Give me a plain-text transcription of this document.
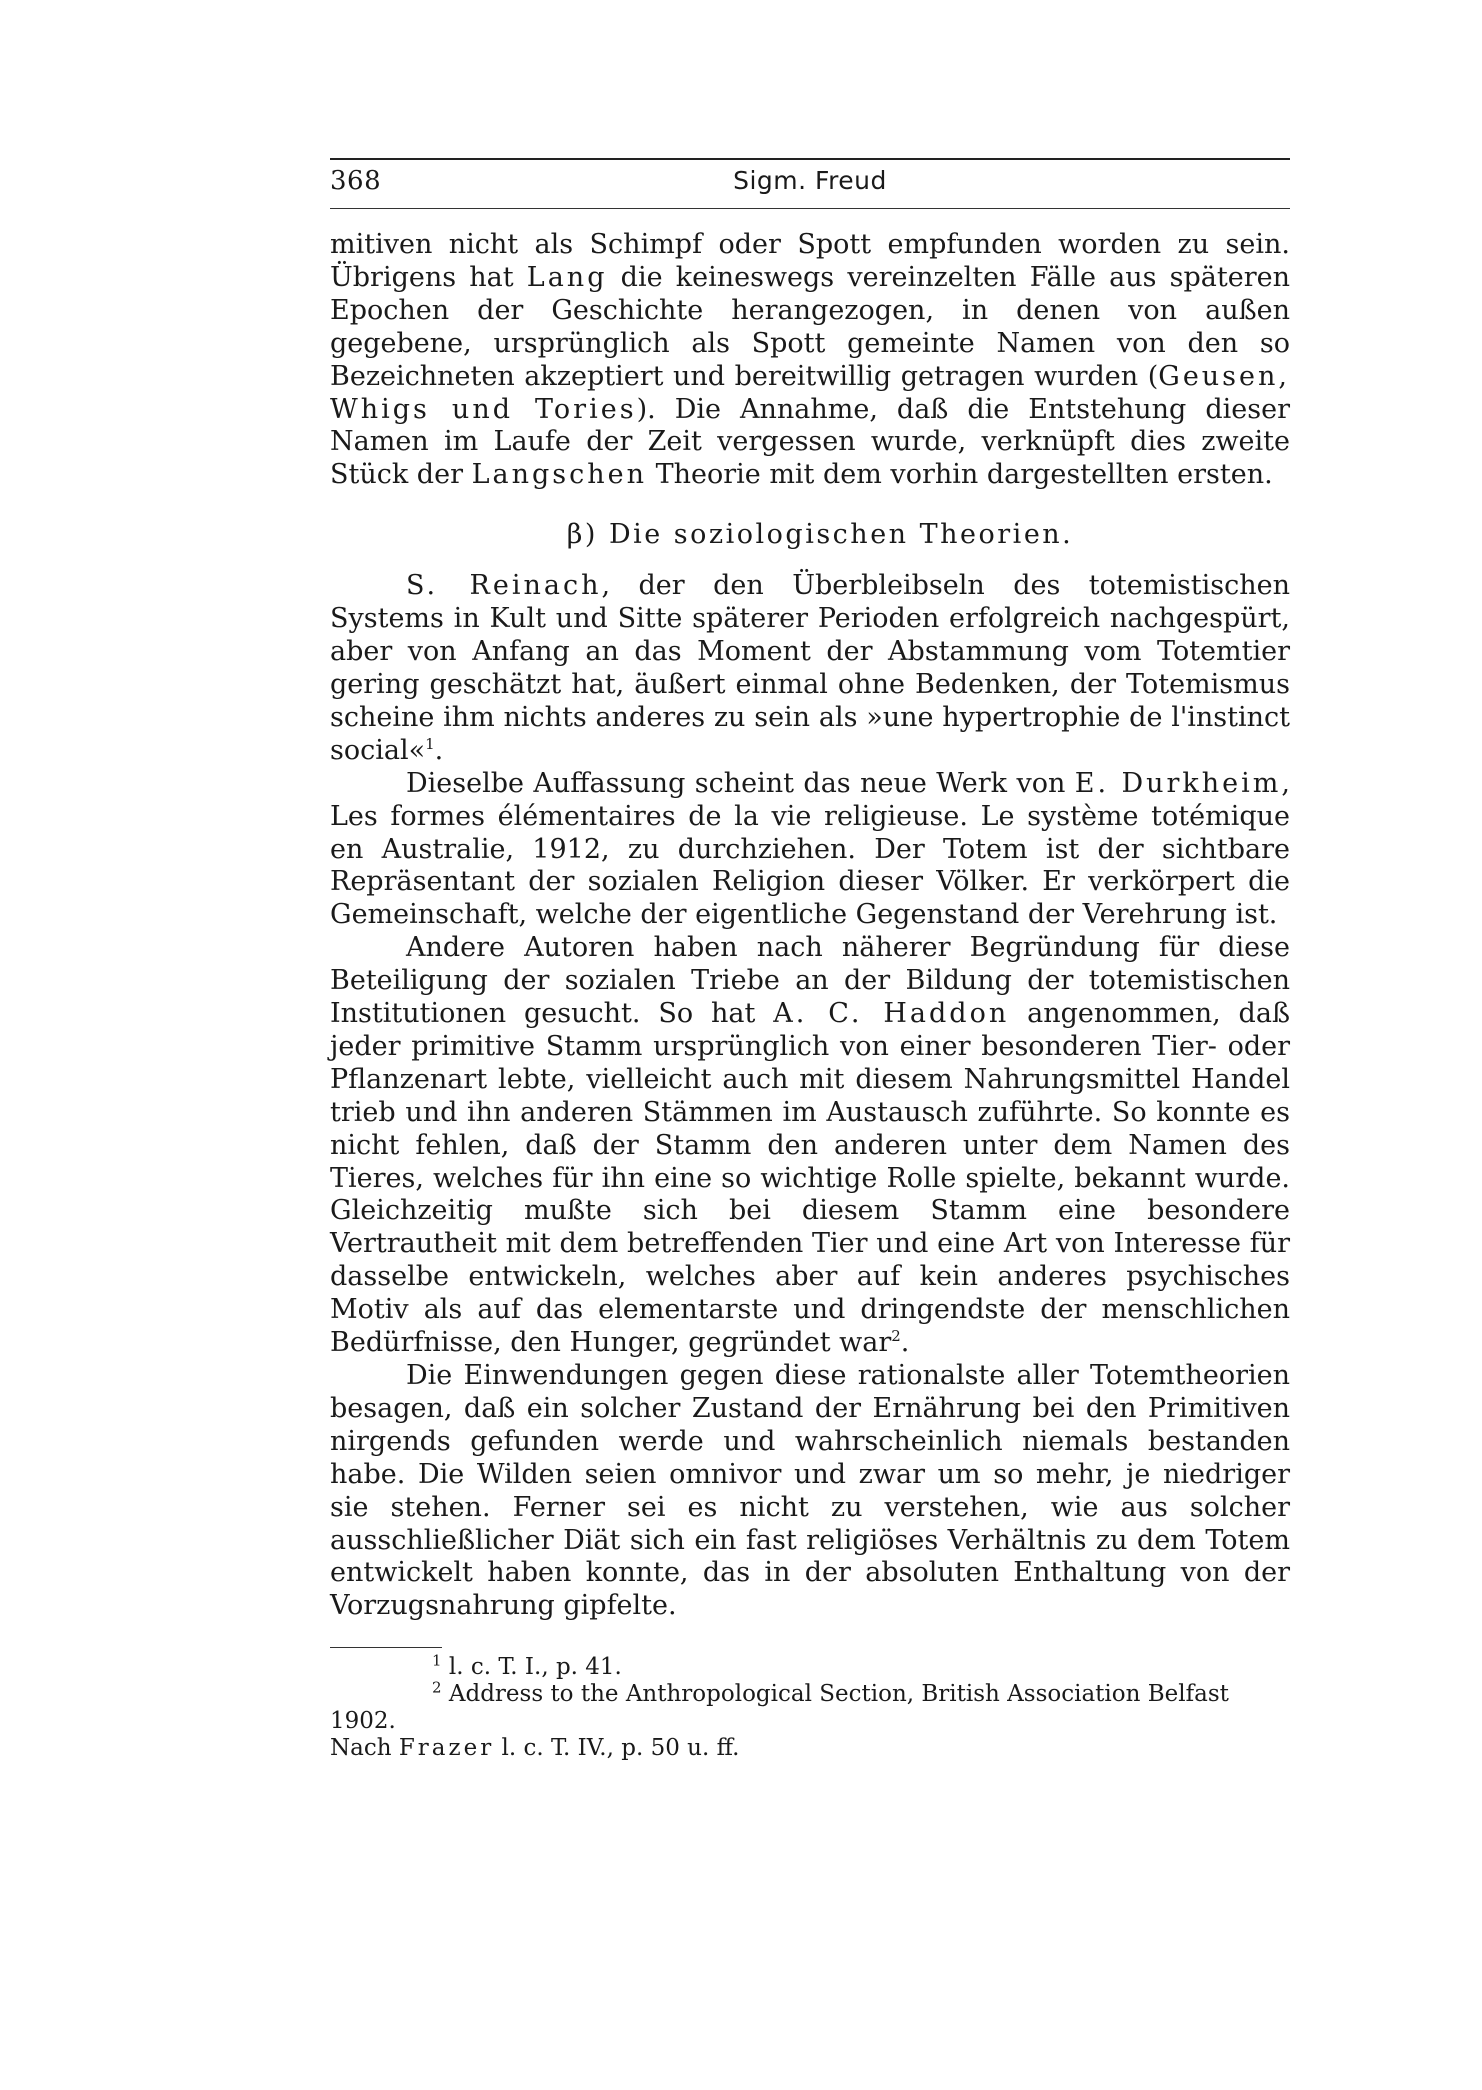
368	Sigm. Freud

mitiven nicht als Schimpf oder Spott empfunden worden zu sein. Übrigens hat Lang die keineswegs vereinzelten Fälle aus späteren Epochen der Geschichte herangezogen, in denen von außen gegebene, ursprünglich als Spott gemeinte Namen von den so Bezeichneten akzeptiert und bereitwillig getragen wurden (Geusen, Whigs und Tories). Die Annahme, daß die Entstehung dieser Namen im Laufe der Zeit vergessen wurde, verknüpft dies zweite Stück der Langschen Theorie mit dem vorhin dargestellten ersten.

β) Die soziologischen Theorien.

S. Reinach, der den Überbleibseln des totemistischen Systems in Kult und Sitte späterer Perioden erfolgreich nachgespürt, aber von Anfang an das Moment der Abstammung vom Totemtier gering geschätzt hat, äußert einmal ohne Bedenken, der Totemismus scheine ihm nichts anderes zu sein als »une hypertrophie de l'instinct social«$^1$.

Dieselbe Auffassung scheint das neue Werk von E. Durkheim, Les formes élémentaires de la vie religieuse. Le système totémique en Australie, 1912, zu durchziehen. Der Totem ist der sichtbare Repräsentant der sozialen Religion dieser Völker. Er verkörpert die Gemeinschaft, welche der eigentliche Gegenstand der Verehrung ist.

Andere Autoren haben nach näherer Begründung für diese Beteiligung der sozialen Triebe an der Bildung der totemistischen Institutionen gesucht. So hat A. C. Haddon angenommen, daß jeder primitive Stamm ursprünglich von einer besonderen Tier- oder Pflanzenart lebte, vielleicht auch mit diesem Nahrungsmittel Handel trieb und ihn anderen Stämmen im Austausch zuführte. So konnte es nicht fehlen, daß der Stamm den anderen unter dem Namen des Tieres, welches für ihn eine so wichtige Rolle spielte, bekannt wurde. Gleichzeitig mußte sich bei diesem Stamm eine besondere Vertrautheit mit dem betreffenden Tier und eine Art von Interesse für dasselbe entwickeln, welches aber auf kein anderes psychisches Motiv als auf das elementarste und dringendste der menschlichen Bedürfnisse, den Hunger, gegründet war$^2$.

Die Einwendungen gegen diese rationalste aller Totemtheorien besagen, daß ein solcher Zustand der Ernährung bei den Primitiven nirgends gefunden werde und wahrscheinlich niemals bestanden habe. Die Wilden seien omnivor und zwar um so mehr, je niedriger sie stehen. Ferner sei es nicht zu verstehen, wie aus solcher ausschließlicher Diät sich ein fast religiöses Verhältnis zu dem Totem entwickelt haben konnte, das in der absoluten Enthaltung von der Vorzugsnahrung gipfelte.

$^1$ l. c. T. I., p. 41.

$^2$ Address to the Anthropological Section, British Association Belfast 1902.

Nach Frazer l. c. T. IV., p. 50 u. ff.
